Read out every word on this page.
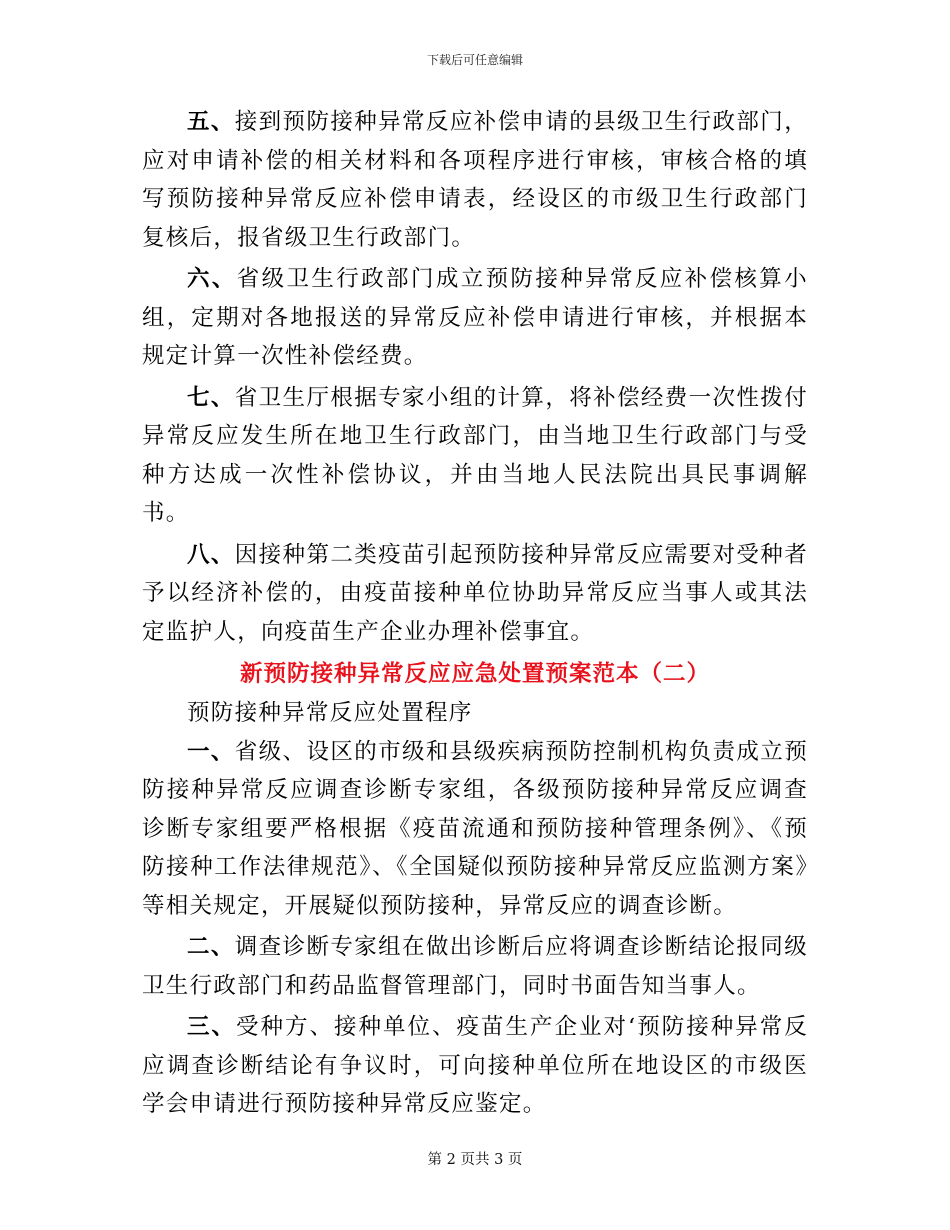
下载后可任意编辑

五、接到预防接种异常反应补偿申请的县级卫生行政部门，应对申请补偿的相关材料和各项程序进行审核，审核合格的填写预防接种异常反应补偿申请表，经设区的市级卫生行政部门复核后，报省级卫生行政部门。

六、省级卫生行政部门成立预防接种异常反应补偿核算小组，定期对各地报送的异常反应补偿申请进行审核，并根据本规定计算一次性补偿经费。

七、省卫生厅根据专家小组的计算，将补偿经费一次性拨付异常反应发生所在地卫生行政部门，由当地卫生行政部门与受种方达成一次性补偿协议，并由当地人民法院出具民事调解书。

八、因接种第二类疫苗引起预防接种异常反应需要对受种者予以经济补偿的，由疫苗接种单位协助异常反应当事人或其法定监护人，向疫苗生产企业办理补偿事宜。

新预防接种异常反应应急处置预案范本（二）

预防接种异常反应处置程序

一、省级、设区的市级和县级疾病预防控制机构负责成立预防接种异常反应调查诊断专家组，各级预防接种异常反应调查诊断专家组要严格根据《疫苗流通和预防接种管理条例》、《预防接种工作法律规范》、《全国疑似预防接种异常反应监测方案》等相关规定，开展疑似预防接种，异常反应的调查诊断。

二、调查诊断专家组在做出诊断后应将调查诊断结论报同级卫生行政部门和药品监督管理部门，同时书面告知当事人。

三、受种方、接种单位、疫苗生产企业对‘预防接种异常反应调查诊断结论有争议时，可向接种单位所在地设区的市级医学会申请进行预防接种异常反应鉴定。

第 2 页共 3 页
